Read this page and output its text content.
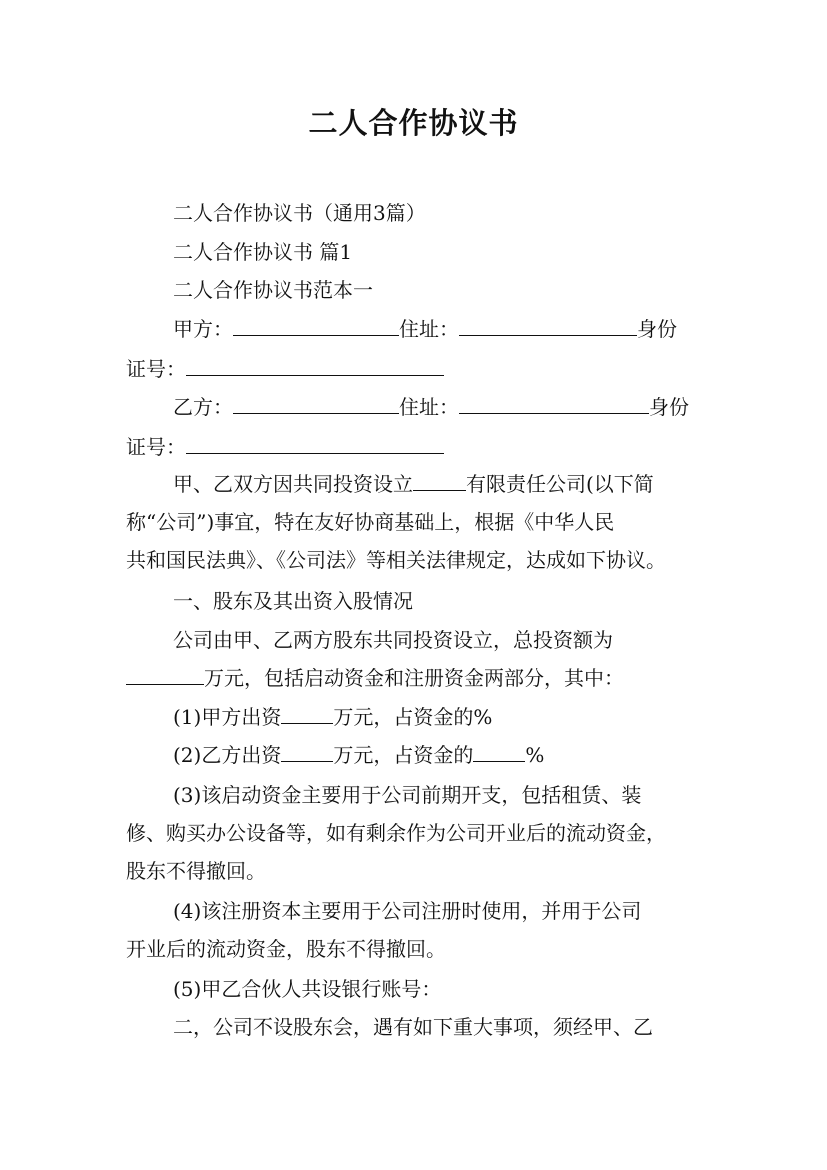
二人合作协议书
二人合作协议书（通用3篇）
二人合作协议书 篇1
二人合作协议书范本一
甲方：	住址：	身份
证号：
乙方：	住址：	身份
证号：
甲、乙双方因共同投资设立	有限责任公司(以下简
称“公司”)事宜，特在友好协商基础上，根据《中华人民
共和国民法典》、《公司法》等相关法律规定，达成如下协议。
一、股东及其出资入股情况
公司由甲、乙两方股东共同投资设立，总投资额为
万元，包括启动资金和注册资金两部分，其中：
(1)甲方出资	万元，占资金的%
(2)乙方出资	万元，占资金的	%
(3)该启动资金主要用于公司前期开支，包括租赁、装
修、购买办公设备等，如有剩余作为公司开业后的流动资金，
股东不得撤回。
(4)该注册资本主要用于公司注册时使用，并用于公司
开业后的流动资金，股东不得撤回。
(5)甲乙合伙人共设银行账号：
二，公司不设股东会，遇有如下重大事项，须经甲、乙
